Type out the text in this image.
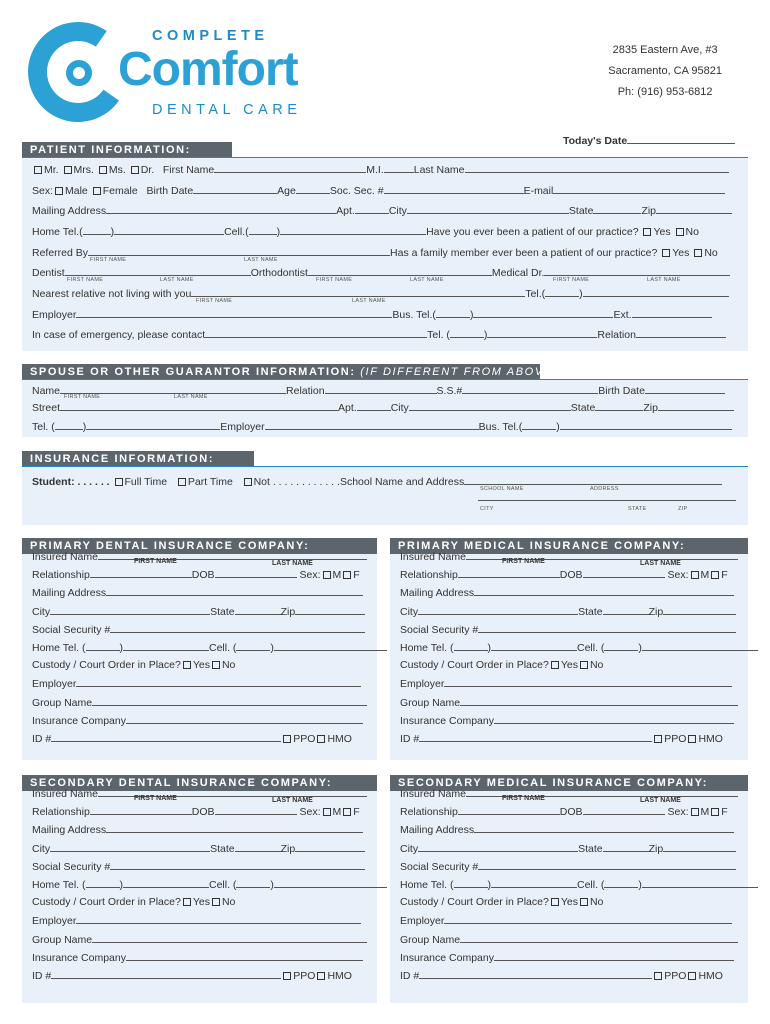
COMPLETE
Comfort
DENTAL CARE
2835 Eastern Ave, #3
Sacramento, CA 95821
Ph: (916) 953-6812
Today's Date
PATIENT INFORMATION:
Mr. Mrs. Ms. Dr. First Name	M.I.	Last Name
Sex: Male Female Birth Date	Age	Soc. Sec. #	E-mail
Mailing Address	Apt.	City	State	Zip
Home Tel.(	)	Cell.(	)	Have you ever been a patient of our practice? Yes No
Referred By	Has a family member ever been a patient of our practice? Yes No
FIRST NAME	LAST NAME
Dentist	Orthodontist	Medical Dr.
FIRST NAME	LAST NAME	FIRST NAME	LAST NAME	FIRST NAME	LAST NAME
Nearest relative not living with you	Tel.(	)
FIRST NAME	LAST NAME
Employer	Bus. Tel.(	)	Ext.
In case of emergency, please contact	Tel. (	)	Relation
SPOUSE OR OTHER GUARANTOR INFORMATION: (IF DIFFERENT FROM ABOVE)
Name	Relation	S.S.#	Birth Date
FIRST NAME	LAST NAME
Street	Apt.	City	State	Zip
Tel. (	)	Employer	Bus. Tel.(	)
INSURANCE INFORMATION:
Student: . . . . . . Full Time Part Time Not . . . . . . . . . . . .School Name and Address
SCHOOL NAME	ADDRESS
CITY	STATE	ZIP
PRIMARY DENTAL INSURANCE COMPANY:
Insured Name
Relationship	DOB	Sex: M F
Mailing Address
City	State	Zip
Social Security #
Home Tel. (	)	Cell. (	)
Custody / Court Order in Place? Yes No
Employer
Group Name
Insurance Company
ID #	PPO HMO
FIRST NAME	LAST NAME
PRIMARY MEDICAL INSURANCE COMPANY:
Insured Name
Relationship	DOB	Sex: M F
Mailing Address
City	State	Zip
Social Security #
Home Tel. (	)	Cell. (	)
Custody / Court Order in Place? Yes No
Employer
Group Name
Insurance Company
ID #	PPO HMO
FIRST NAME	LAST NAME
SECONDARY DENTAL INSURANCE COMPANY:
Insured Name
Relationship	DOB	Sex: M F
Mailing Address
City	State	Zip
Social Security #
Home Tel. (	)	Cell. (	)
Custody / Court Order in Place? Yes No
Employer
Group Name
Insurance Company
ID #	PPO HMO
FIRST NAME	LAST NAME
SECONDARY MEDICAL INSURANCE COMPANY:
Insured Name
Relationship	DOB	Sex: M F
Mailing Address
City	State	Zip
Social Security #
Home Tel. (	)	Cell. (	)
Custody / Court Order in Place? Yes No
Employer
Group Name
Insurance Company
ID #	PPO HMO
FIRST NAME	LAST NAME
